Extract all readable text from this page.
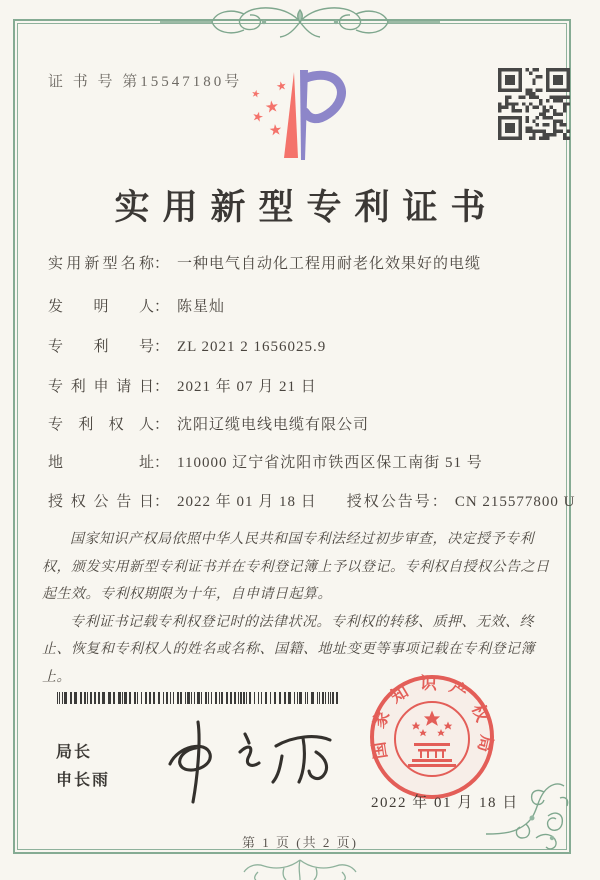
证 书 号 第15547180号	★
★
★
★
★
实用新型专利证书
实用新型名称： 一种电气自动化工程用耐老化效果好的电缆
发明人： 陈星灿
专利号： ZL 2021 2 1656025.9
专利申请日： 2021 年 07 月 21 日
专利权人： 沈阳辽缆电线电缆有限公司
地址： 110000 辽宁省沈阳市铁西区保工南街 51 号
授权公告日： 2022 年 01 月 18 日 授权公告号： CN 215577800 U

国家知识产权局依照中华人民共和国专利法经过初步审查，决定授予专利权，颁发实用新型专利证书并在专利登记簿上予以登记。专利权自授权公告之日起生效。专利权期限为十年，自申请日起算。

专利证书记载专利权登记时的法律状况。专利权的转移、质押、无效、终止、恢复和专利权人的姓名或名称、国籍、地址变更等事项记载在专利登记簿上。

局长
申长雨
国家知识产权局
2022 年 01 月 18 日
第 1 页 (共 2 页)
